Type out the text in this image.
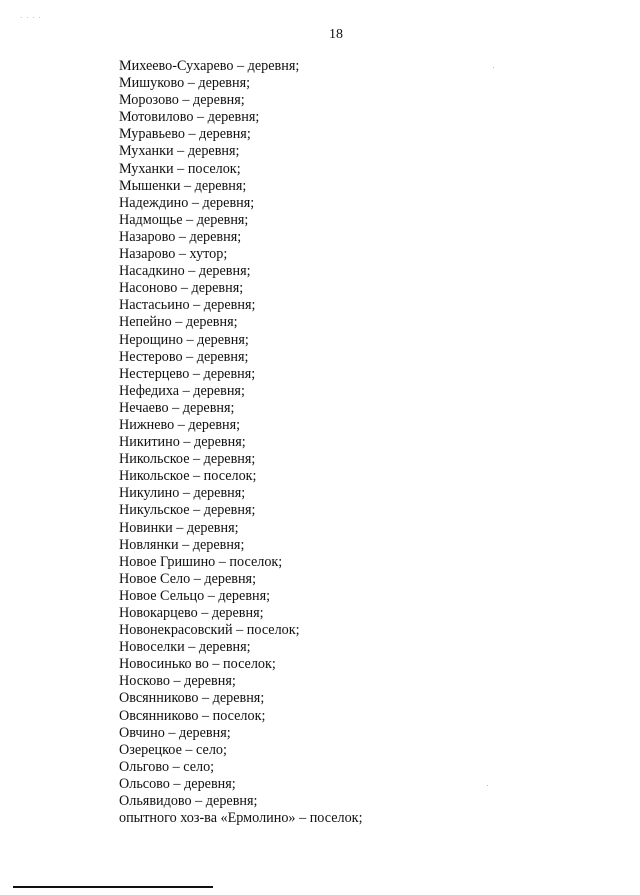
· · · ·
18
Михеево-Сухарево – деревня;
Мишуково – деревня;
Морозово – деревня;
Мотовилово – деревня;
Муравьево – деревня;
Муханки – деревня;
Муханки – поселок;
Мышенки – деревня;
Надеждино – деревня;
Надмощье – деревня;
Назарово – деревня;
Назарово – хутор;
Насадкино – деревня;
Насоново – деревня;
Настасьино – деревня;
Непейно – деревня;
Нерощино – деревня;
Нестерово – деревня;
Нестерцево – деревня;
Нефедиха – деревня;
Нечаево – деревня;
Нижнево – деревня;
Никитино – деревня;
Никольское – деревня;
Никольское – поселок;
Никулино – деревня;
Никульское – деревня;
Новинки – деревня;
Новлянки – деревня;
Новое Гришино – поселок;
Новое Село – деревня;
Новое Сельцо – деревня;
Новокарцево – деревня;
Новонекрасовский – поселок;
Новоселки – деревня;
Новосинько во – поселок;
Носково – деревня;
Овсянниково – деревня;
Овсянниково – поселок;
Овчино – деревня;
Озерецкое – село;
Ольгово – село;
Ольсово – деревня;
Ольявидово – деревня;
опытного хоз-ва «Ермолино» – поселок;
